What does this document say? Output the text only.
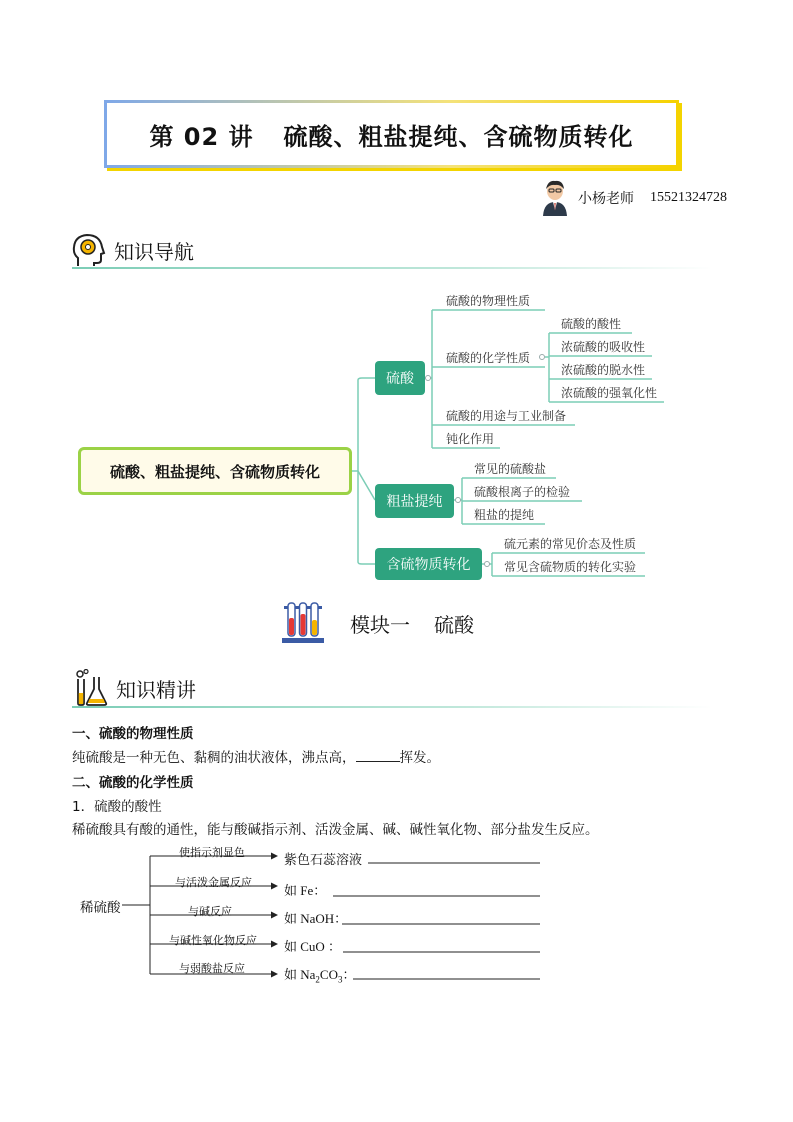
第 02 讲 硫酸、粗盐提纯、含硫物质转化
小杨老师 15521324728
知识导航
硫酸、粗盐提纯、含硫物质转化
硫酸
粗盐提纯
含硫物质转化
硫酸的物理性质
硫酸的化学性质
硫酸的用途与工业制备
钝化作用
硫酸的酸性
浓硫酸的吸收性
浓硫酸的脱水性
浓硫酸的强氧化性
常见的硫酸盐
硫酸根离子的检验
粗盐的提纯
硫元素的常见价态及性质
常见含硫物质的转化实验
模块一 硫酸
知识精讲
一、硫酸的物理性质
纯硫酸是一种无色、黏稠的油状液体，沸点高，	挥发。
二、硫酸的化学性质
1．硫酸的酸性
稀硫酸具有酸的通性，能与酸碱指示剂、活泼金属、碱、碱性氧化物、部分盐发生反应。
稀硫酸
使指示剂显色
与活泼金属反应
与碱反应
与碱性氧化物反应
与弱酸盐反应
紫色石蕊溶液
如 Fe：
如 NaOH：
如 CuO ：
如 $Na_2CO_3$：
